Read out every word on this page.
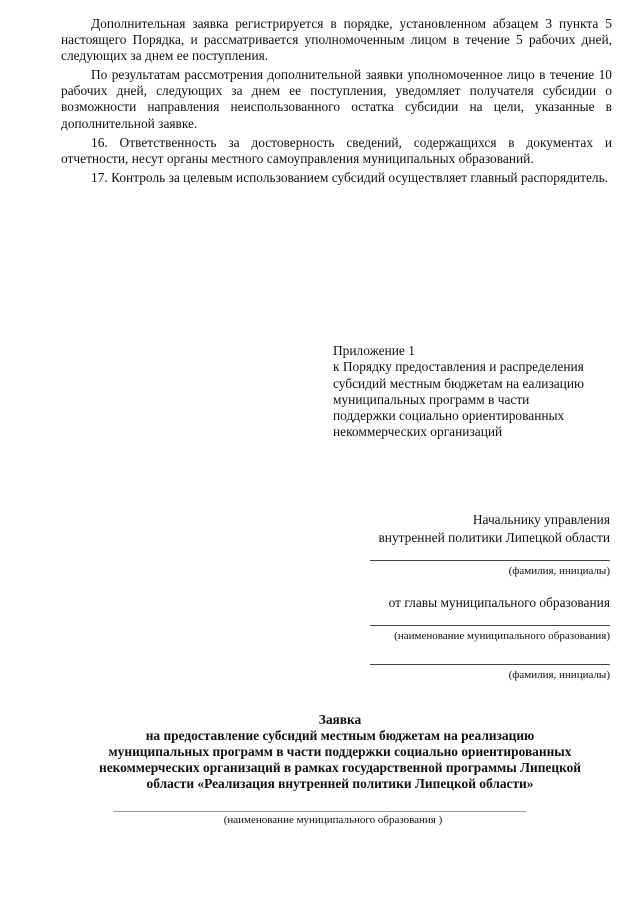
Дополнительная заявка регистрируется в порядке, установленном абзацем 3 пункта 5 настоящего Порядка, и рассматривается уполномоченным лицом в течение 5 рабочих дней, следующих за днем ее поступления.

По результатам рассмотрения дополнительной заявки уполномоченное лицо в течение 10 рабочих дней, следующих за днем ее поступления, уведомляет получателя субсидии о возможности направления неиспользованного остатка субсидии на цели, указанные в дополнительной заявке.

16. Ответственность за достоверность сведений, содержащихся в документах и отчетности, несут органы местного самоуправления муниципальных образований.

17. Контроль за целевым использованием субсидий осуществляет главный распорядитель.

Приложение 1
к Порядку предоставления и распределения
субсидий местным бюджетам на еализацию
муниципальных программ в части
поддержки социально ориентированных
некоммерческих организаций
Начальнику управления
внутренней политики Липецкой области
(фамилия, инициалы)
от главы муниципального образования
(наименование муниципального образования)
(фамилия, инициалы)
Заявка
на предоставление субсидий местным бюджетам на реализацию
муниципальных программ в части поддержки социально ориентированных
некоммерческих организаций в рамках государственной программы Липецкой
области «Реализация внутренней политики Липецкой области»
(наименование муниципального образования )
